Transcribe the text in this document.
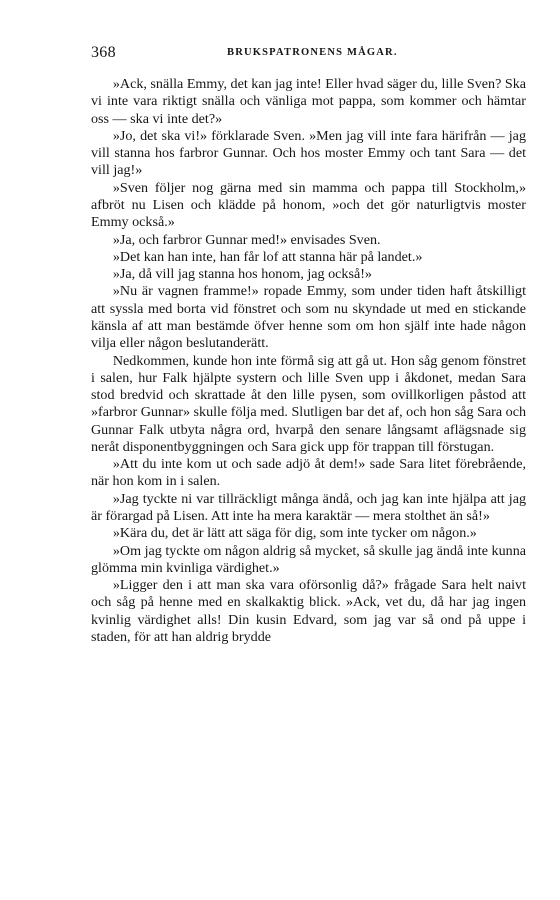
368	BRUKSPATRONENS MÅGAR.

»Ack, snälla Emmy, det kan jag inte! Eller hvad säger du, lille Sven? Ska vi inte vara riktigt snälla och vänliga mot pappa, som kommer och hämtar oss — ska vi inte det?»

»Jo, det ska vi!» förklarade Sven. »Men jag vill inte fara härifrån — jag vill stanna hos farbror Gunnar. Och hos moster Emmy och tant Sara — det vill jag!»

»Sven följer nog gärna med sin mamma och pappa till Stockholm,» afbröt nu Lisen och klädde på honom, »och det gör naturligtvis moster Emmy också.»

»Ja, och farbror Gunnar med!» envisades Sven.

»Det kan han inte, han får lof att stanna här på landet.»

»Ja, då vill jag stanna hos honom, jag också!»

»Nu är vagnen framme!» ropade Emmy, som under tiden haft åtskilligt att syssla med borta vid fönstret och som nu skyndade ut med en stickande känsla af att man bestämde öfver henne som om hon själf inte hade någon vilja eller någon beslutanderätt.

Nedkommen, kunde hon inte förmå sig att gå ut. Hon såg genom fönstret i salen, hur Falk hjälpte systern och lille Sven upp i åkdonet, medan Sara stod bredvid och skrattade åt den lille pysen, som ovillkorligen påstod att »farbror Gunnar» skulle följa med. Slutligen bar det af, och hon såg Sara och Gunnar Falk utbyta några ord, hvarpå den senare långsamt aflägsnade sig neråt disponentbyggningen och Sara gick upp för trappan till förstugan.

»Att du inte kom ut och sade adjö åt dem!» sade Sara litet förebrående, när hon kom in i salen.

»Jag tyckte ni var tillräckligt många ändå, och jag kan inte hjälpa att jag är förargad på Lisen. Att inte ha mera karaktär — mera stolthet än så!»

»Kära du, det är lätt att säga för dig, som inte tycker om någon.»

»Om jag tyckte om någon aldrig så mycket, så skulle jag ändå inte kunna glömma min kvinliga värdighet.»

»Ligger den i att man ska vara oförsonlig då?» frågade Sara helt naivt och såg på henne med en skalkaktig blick. »Ack, vet du, då har jag ingen kvinlig värdighet alls! Din kusin Edvard, som jag var så ond på uppe i staden, för att han aldrig brydde
